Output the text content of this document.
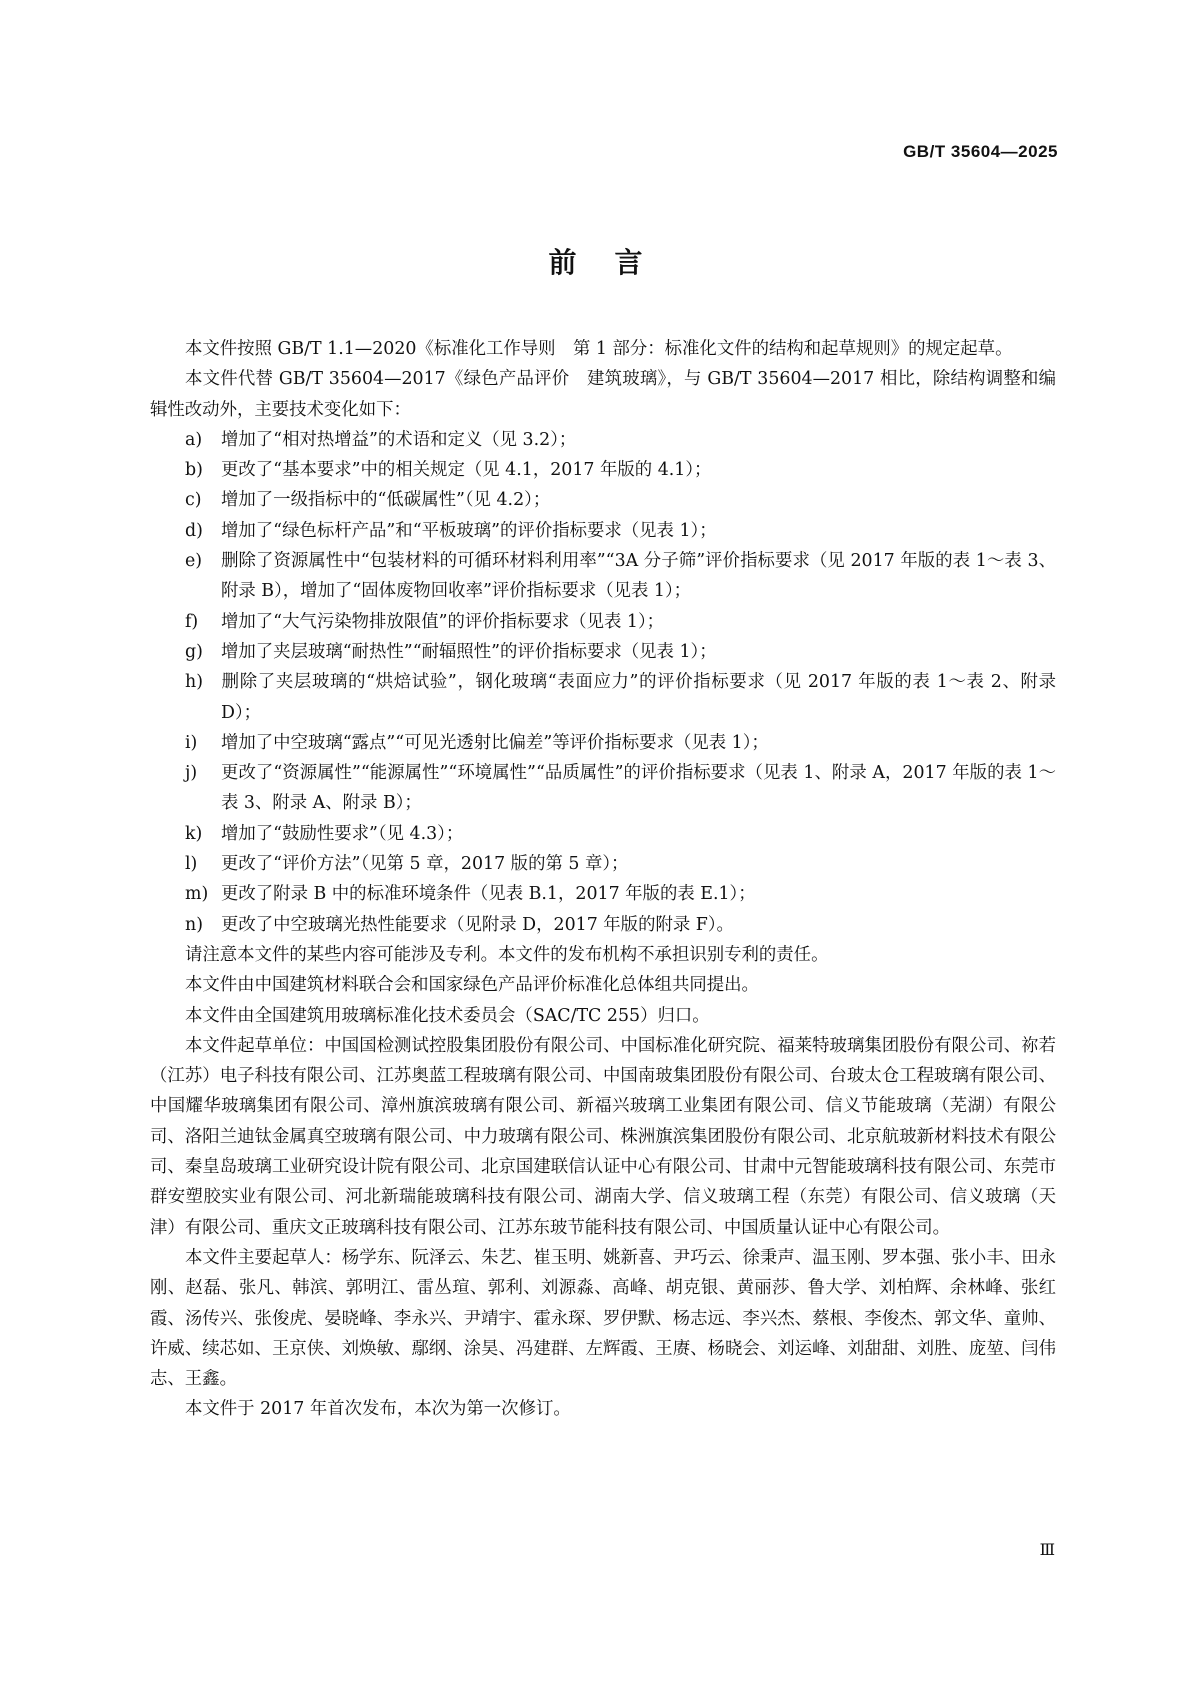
GB/T 35604—2025
前言

本文件按照 GB/T 1.1—2020《标准化工作导则　第 1 部分：标准化文件的结构和起草规则》的规定起草。

本文件代替 GB/T 35604—2017《绿色产品评价　建筑玻璃》，与 GB/T 35604—2017 相比，除结构调整和编辑性改动外，主要技术变化如下：

a) 增加了“相对热增益”的术语和定义（见 3.2）；

b) 更改了“基本要求”中的相关规定（见 4.1，2017 年版的 4.1）；

c) 增加了一级指标中的“低碳属性”（见 4.2）；

d) 增加了“绿色标杆产品”和“平板玻璃”的评价指标要求（见表 1）；

e) 删除了资源属性中“包装材料的可循环材料利用率”“3A 分子筛”评价指标要求（见 2017 年版的表 1～表 3、附录 B），增加了“固体废物回收率”评价指标要求（见表 1）；

f) 增加了“大气污染物排放限值”的评价指标要求（见表 1）；

g) 增加了夹层玻璃“耐热性”“耐辐照性”的评价指标要求（见表 1）；

h) 删除了夹层玻璃的“烘焙试验”，钢化玻璃“表面应力”的评价指标要求（见 2017 年版的表 1～表 2、附录 D）；

i) 增加了中空玻璃“露点”“可见光透射比偏差”等评价指标要求（见表 1）；

j) 更改了“资源属性”“能源属性”“环境属性”“品质属性”的评价指标要求（见表 1、附录 A，2017 年版的表 1～表 3、附录 A、附录 B）；

k) 增加了“鼓励性要求”（见 4.3）；

l) 更改了“评价方法”（见第 5 章，2017 版的第 5 章）；

m) 更改了附录 B 中的标准环境条件（见表 B.1，2017 年版的表 E.1）；

n) 更改了中空玻璃光热性能要求（见附录 D，2017 年版的附录 F）。

请注意本文件的某些内容可能涉及专利。本文件的发布机构不承担识别专利的责任。

本文件由中国建筑材料联合会和国家绿色产品评价标准化总体组共同提出。

本文件由全国建筑用玻璃标准化技术委员会（SAC/TC 255）归口。

本文件起草单位：中国国检测试控股集团股份有限公司、中国标准化研究院、福莱特玻璃集团股份有限公司、祢若（江苏）电子科技有限公司、江苏奥蓝工程玻璃有限公司、中国南玻集团股份有限公司、台玻太仓工程玻璃有限公司、中国耀华玻璃集团有限公司、漳州旗滨玻璃有限公司、新福兴玻璃工业集团有限公司、信义节能玻璃（芜湖）有限公司、洛阳兰迪钛金属真空玻璃有限公司、中力玻璃有限公司、株洲旗滨集团股份有限公司、北京航玻新材料技术有限公司、秦皇岛玻璃工业研究设计院有限公司、北京国建联信认证中心有限公司、甘肃中元智能玻璃科技有限公司、东莞市群安塑胶实业有限公司、河北新瑞能玻璃科技有限公司、湖南大学、信义玻璃工程（东莞）有限公司、信义玻璃（天津）有限公司、重庆文正玻璃科技有限公司、江苏东玻节能科技有限公司、中国质量认证中心有限公司。

本文件主要起草人：杨学东、阮泽云、朱艺、崔玉明、姚新喜、尹巧云、徐秉声、温玉刚、罗本强、张小丰、田永刚、赵磊、张凡、韩滨、郭明江、雷丛瑄、郭利、刘源淼、高峰、胡克银、黄丽莎、鲁大学、刘柏辉、余林峰、张红霞、汤传兴、张俊虎、晏晓峰、李永兴、尹靖宇、霍永琛、罗伊默、杨志远、李兴杰、蔡根、李俊杰、郭文华、童帅、许威、续芯如、王京侠、刘焕敏、鄢纲、涂昊、冯建群、左辉霞、王赓、杨晓会、刘运峰、刘甜甜、刘胜、庞堃、闫伟志、王鑫。

本文件于 2017 年首次发布，本次为第一次修订。

Ⅲ
